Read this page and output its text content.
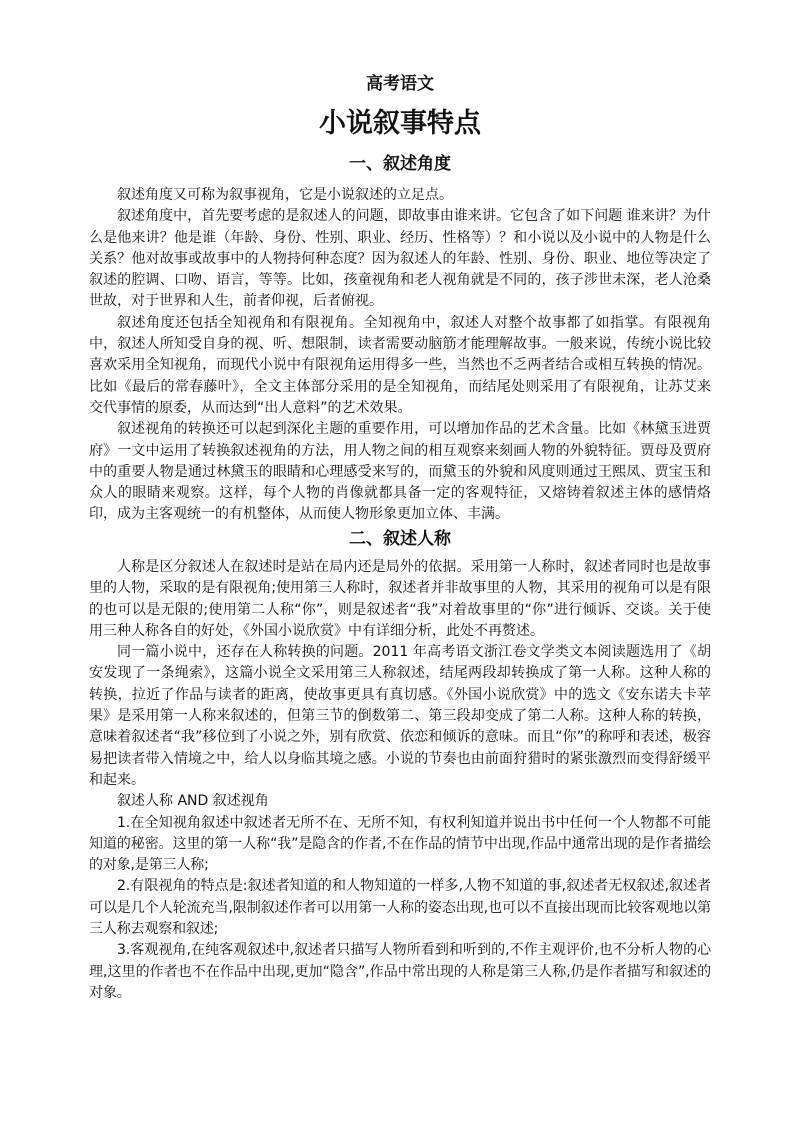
高考语文
小说叙事特点
一、叙述角度

叙述角度又可称为叙事视角，它是小说叙述的立足点。

叙述角度中，首先要考虑的是叙述人的问题，即故事由谁来讲。它包含了如下问题 谁来讲？为什么是他来讲？他是谁（年龄、身份、性别、职业、经历、性格等）？和小说以及小说中的人物是什么关系？他对故事或故事中的人物持何种态度？因为叙述人的年龄、性别、身份、职业、地位等决定了叙述的腔调、口吻、语言，等等。比如，孩童视角和老人视角就是不同的，孩子涉世未深，老人沧桑世故，对于世界和人生，前者仰视，后者俯视。

叙述角度还包括全知视角和有限视角。全知视角中，叙述人对整个故事都了如指掌。有限视角中，叙述人所知受自身的视、听、想限制，读者需要动脑筋才能理解故事。一般来说，传统小说比较喜欢采用全知视角，而现代小说中有限视角运用得多一些，当然也不乏两者结合或相互转换的情况。比如《最后的常春藤叶》，全文主体部分采用的是全知视角，而结尾处则采用了有限视角，让苏艾来交代事情的原委，从而达到“出人意料”的艺术效果。

叙述视角的转换还可以起到深化主题的重要作用，可以增加作品的艺术含量。比如《林黛玉进贾府》一文中运用了转换叙述视角的方法，用人物之间的相互观察来刻画人物的外貌特征。贾母及贾府中的重要人物是通过林黛玉的眼睛和心理感受来写的，而黛玉的外貌和风度则通过王熙凤、贾宝玉和众人的眼睛来观察。这样，每个人物的肖像就都具备一定的客观特征，又熔铸着叙述主体的感情烙印，成为主客观统一的有机整体，从而使人物形象更加立体、丰满。

二、叙述人称

人称是区分叙述人在叙述时是站在局内还是局外的依据。采用第一人称时，叙述者同时也是故事里的人物，采取的是有限视角;使用第三人称时，叙述者并非故事里的人物，其采用的视角可以是有限的也可以是无限的;使用第二人称“你”，则是叙述者“我”对着故事里的“你”进行倾诉、交谈。关于使用三种人称各自的好处，《外国小说欣赏》中有详细分析，此处不再赘述。

同一篇小说中，还存在人称转换的问题。2011 年高考语文浙江卷文学类文本阅读题选用了《胡安发现了一条绳索》，这篇小说全文采用第三人称叙述，结尾两段却转换成了第一人称。这种人称的转换，拉近了作品与读者的距离，使故事更具有真切感。《外国小说欣赏》中的选文《安东诺夫卡苹果》是采用第一人称来叙述的，但第三节的倒数第二、第三段却变成了第二人称。这种人称的转换，意味着叙述者“我”移位到了小说之外，别有欣赏、依恋和倾诉的意味。而且“你”的称呼和表述，极容易把读者带入情境之中，给人以身临其境之感。小说的节奏也由前面狩猎时的紧张激烈而变得舒缓平和起来。

叙述人称 AND 叙述视角

1.在全知视角叙述中叙述者无所不在、无所不知，有权利知道并说出书中任何一个人物都不可能知道的秘密。这里的第一人称“我”是隐含的作者,不在作品的情节中出现,作品中通常出现的是作者描绘的对象,是第三人称;

2.有限视角的特点是:叙述者知道的和人物知道的一样多,人物不知道的事,叙述者无权叙述,叙述者可以是几个人轮流充当,限制叙述作者可以用第一人称的姿态出现,也可以不直接出现而比较客观地以第三人称去观察和叙述;

3.客观视角,在纯客观叙述中,叙述者只描写人物所看到和听到的,不作主观评价,也不分析人物的心理,这里的作者也不在作品中出现,更加“隐含”,作品中常出现的人称是第三人称,仍是作者描写和叙述的对象。
